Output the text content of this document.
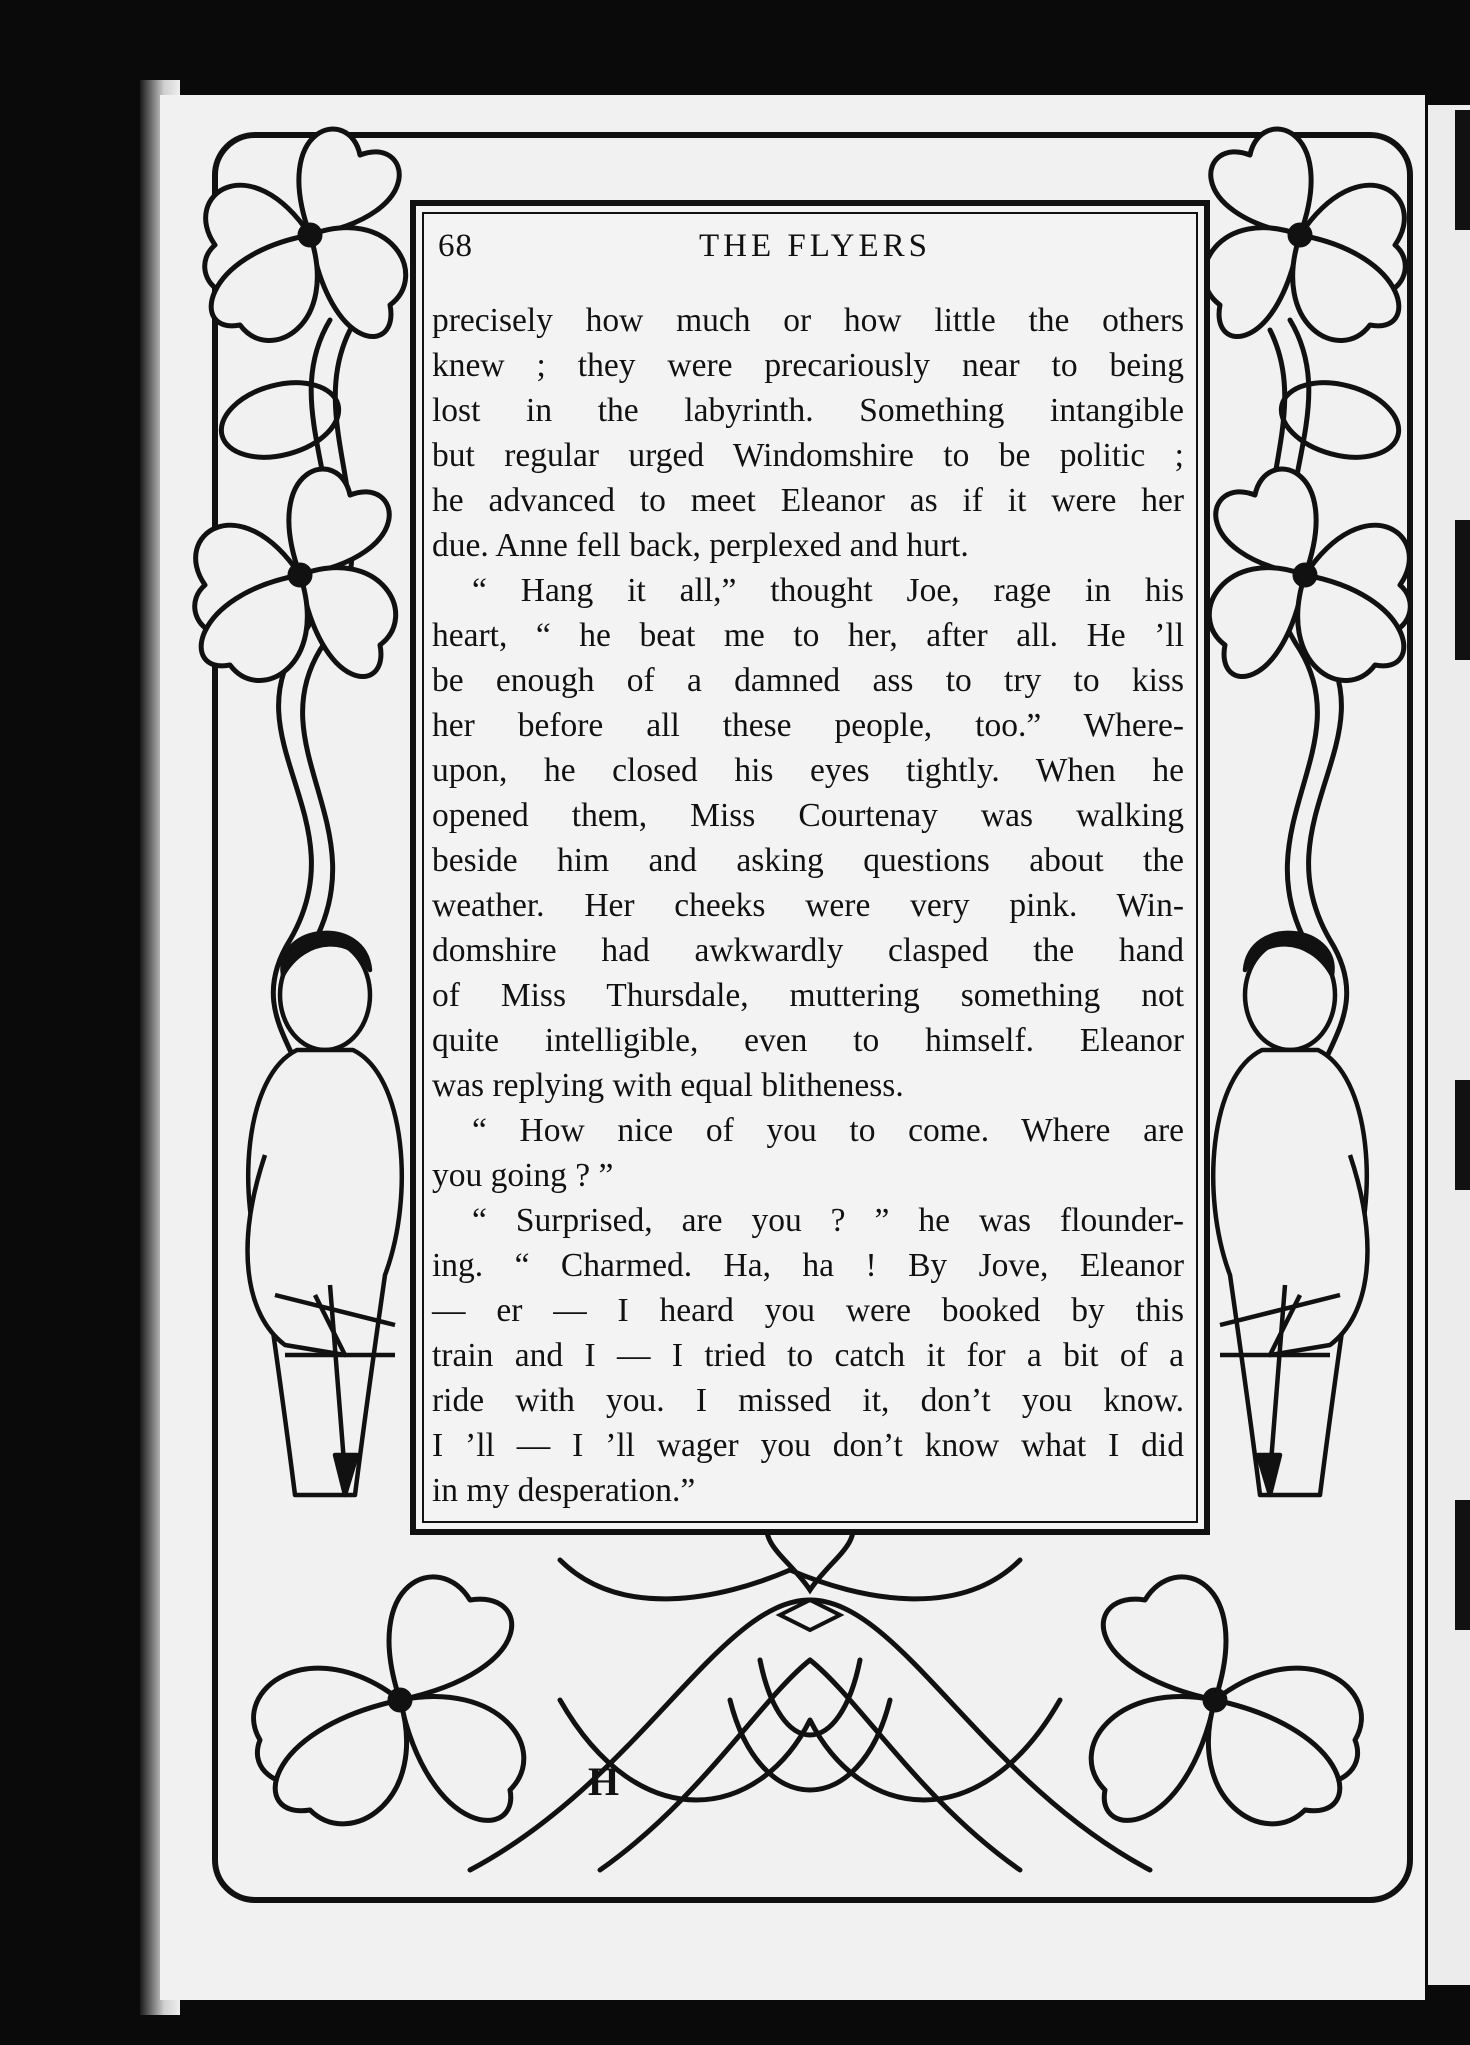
68	THE FLYERS

precisely how much or how little the others

knew ; they were precariously near to being

lost in the labyrinth. Something intangible

but regular urged Windomshire to be politic ;

he advanced to meet Eleanor as if it were her

due. Anne fell back, perplexed and hurt.

“ Hang it all,” thought Joe, rage in his

heart, “ he beat me to her, after all. He ’ll

be enough of a damned ass to try to kiss

her before all these people, too.” Where-

upon, he closed his eyes tightly. When he

opened them, Miss Courtenay was walking

beside him and asking questions about the

weather. Her cheeks were very pink. Win-

domshire had awkwardly clasped the hand

of Miss Thursdale, muttering something not

quite intelligible, even to himself. Eleanor

was replying with equal blitheness.

“ How nice of you to come. Where are

you going ? ”

“ Surprised, are you ? ” he was flounder-

ing. “ Charmed. Ha, ha ! By Jove, Eleanor

— er — I heard you were booked by this

train and I — I tried to catch it for a bit of a

ride with you. I missed it, don’t you know.

I ’ll — I ’ll wager you don’t know what I did

in my desperation.”

H
